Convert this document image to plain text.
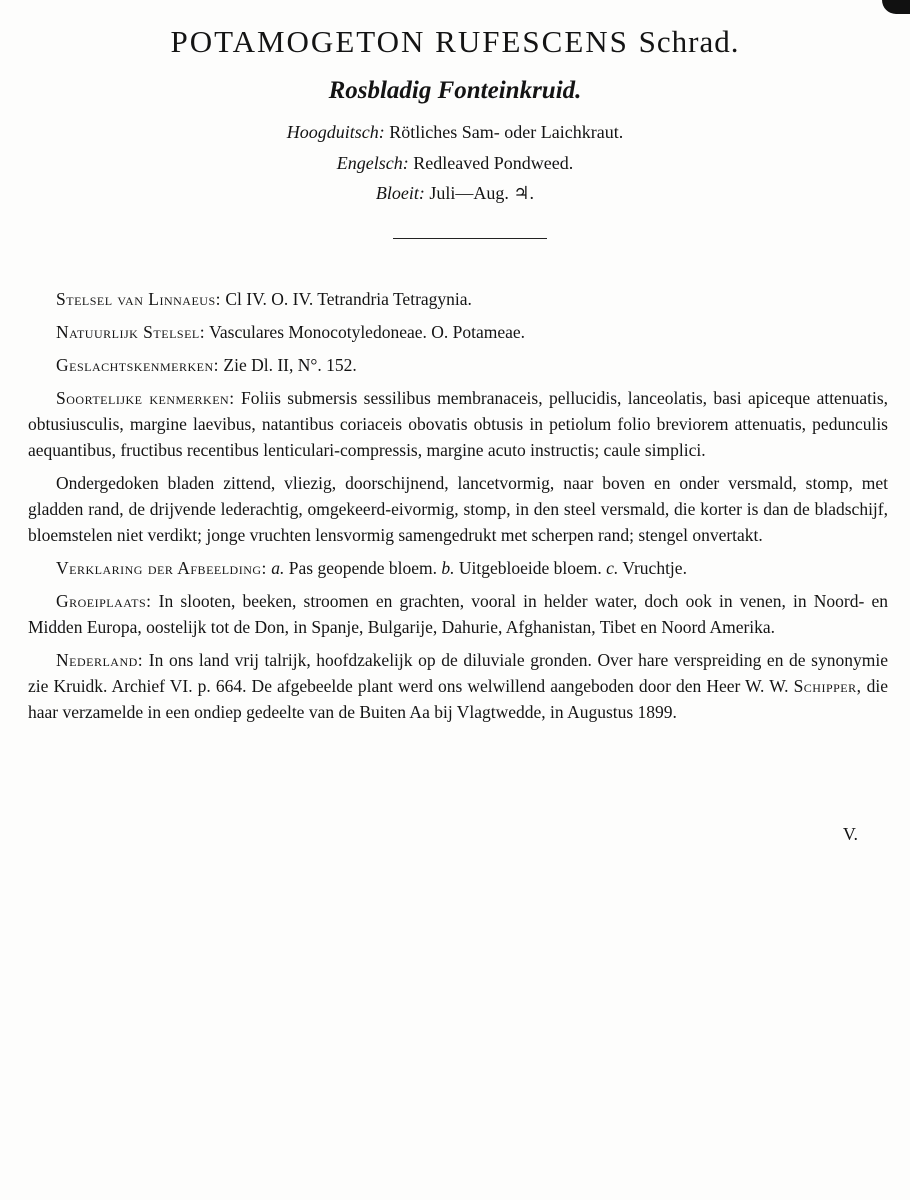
POTAMOGETON RUFESCENS Schrad.
Rosbladig Fonteinkruid.
Hoogduitsch: Rötliches Sam- oder Laichkraut.
Engelsch: Redleaved Pondweed.
Bloeit: Juli—Aug. ♃.

Stelsel van Linnaeus: Cl IV. O. IV. Tetrandria Tetragynia.

Natuurlijk Stelsel: Vasculares Monocotyledoneae. O. Potameae.

Geslachtskenmerken: Zie Dl. II, N°. 152.

Soortelijke kenmerken: Foliis submersis sessilibus membranaceis, pellucidis, lanceolatis, basi apiceque attenuatis, obtusiusculis, margine laevibus, natantibus coriaceis obovatis obtusis in petiolum folio breviorem attenuatis, pedunculis aequantibus, fructibus recentibus lenticulari-compressis, margine acuto instructis; caule simplici.

Ondergedoken bladen zittend, vliezig, doorschijnend, lancetvormig, naar boven en onder versmald, stomp, met gladden rand, de drijvende lederachtig, omgekeerd-eivormig, stomp, in den steel versmald, die korter is dan de bladschijf, bloemstelen niet verdikt; jonge vruchten lensvormig samengedrukt met scherpen rand; stengel onvertakt.

Verklaring der Afbeelding: a. Pas geopende bloem. b. Uitgebloeide bloem. c. Vruchtje.

Groeiplaats: In slooten, beeken, stroomen en grachten, vooral in helder water, doch ook in venen, in Noord- en Midden Europa, oostelijk tot de Don, in Spanje, Bulgarije, Dahurie, Afghanistan, Tibet en Noord Amerika.

Nederland: In ons land vrij talrijk, hoofdzakelijk op de diluviale gronden. Over hare verspreiding en de synonymie zie Kruidk. Archief VI. p. 664. De afgebeelde plant werd ons welwillend aangeboden door den Heer W. W. Schipper, die haar verzamelde in een ondiep gedeelte van de Buiten Aa bij Vlagtwedde, in Augustus 1899.

V.
